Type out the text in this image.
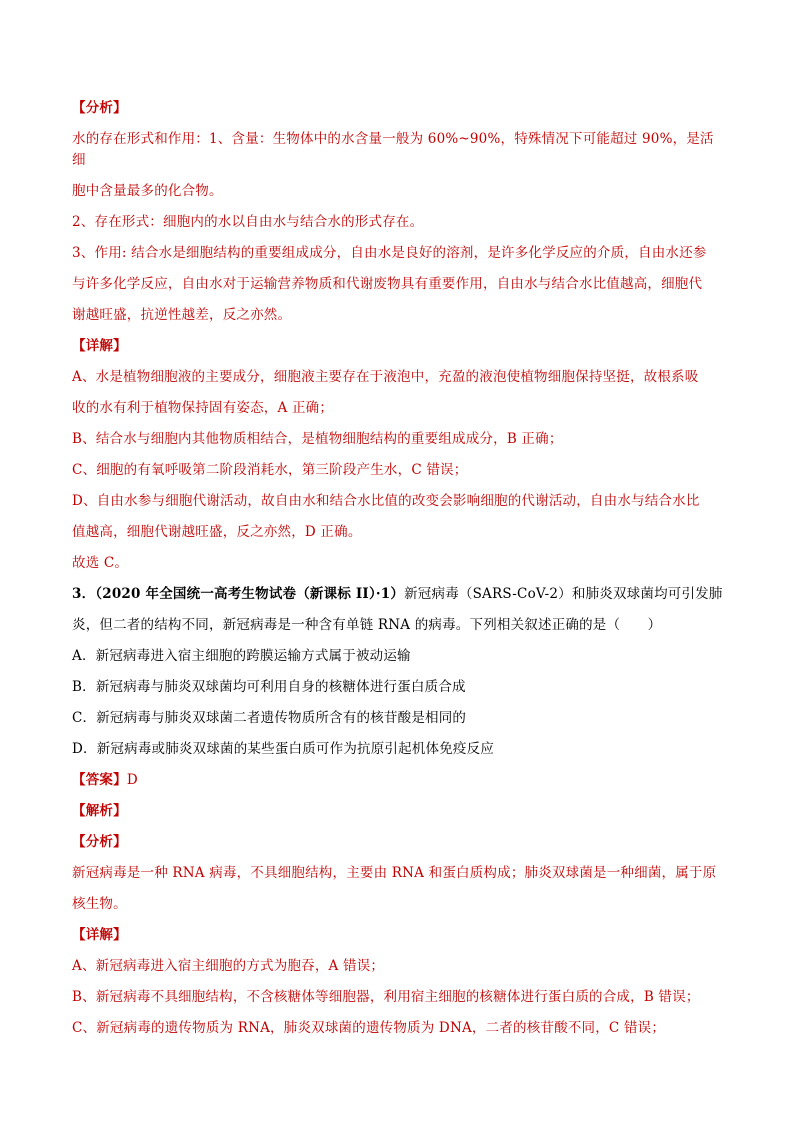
【分析】
水的存在形式和作用：1、含量：生物体中的水含量一般为 60%~90%，特殊情况下可能超过 90%，是活细
胞中含量最多的化合物。
2、存在形式：细胞内的水以自由水与结合水的形式存在。
3、作用: 结合水是细胞结构的重要组成成分，自由水是良好的溶剂，是许多化学反应的介质，自由水还参
与许多化学反应，自由水对于运输营养物质和代谢废物具有重要作用，自由水与结合水比值越高，细胞代
谢越旺盛，抗逆性越差，反之亦然。
【详解】
A、水是植物细胞液的主要成分，细胞液主要存在于液泡中，充盈的液泡使植物细胞保持坚挺，故根系吸
收的水有利于植物保持固有姿态，A 正确；
B、结合水与细胞内其他物质相结合，是植物细胞结构的重要组成成分，B 正确；
C、细胞的有氧呼吸第二阶段消耗水，第三阶段产生水，C 错误；
D、自由水参与细胞代谢活动，故自由水和结合水比值的改变会影响细胞的代谢活动，自由水与结合水比
值越高，细胞代谢越旺盛，反之亦然，D 正确。
故选 C。
3．（2020 年全国统一高考生物试卷（新课标 II）·1）新冠病毒（SARS-CoV-2）和肺炎双球菌均可引发肺
炎，但二者的结构不同，新冠病毒是一种含有单链 RNA 的病毒。下列相关叙述正确的是（　　）
A．新冠病毒进入宿主细胞的跨膜运输方式属于被动运输
B．新冠病毒与肺炎双球菌均可利用自身的核糖体进行蛋白质合成
C．新冠病毒与肺炎双球菌二者遗传物质所含有的核苷酸是相同的
D．新冠病毒或肺炎双球菌的某些蛋白质可作为抗原引起机体免疫反应
【答案】D
【解析】
【分析】
新冠病毒是一种 RNA 病毒，不具细胞结构，主要由 RNA 和蛋白质构成；肺炎双球菌是一种细菌，属于原
核生物。
【详解】
A、新冠病毒进入宿主细胞的方式为胞吞，A 错误；
B、新冠病毒不具细胞结构，不含核糖体等细胞器，利用宿主细胞的核糖体进行蛋白质的合成，B 错误；
C、新冠病毒的遗传物质为 RNA，肺炎双球菌的遗传物质为 DNA，二者的核苷酸不同，C 错误；
